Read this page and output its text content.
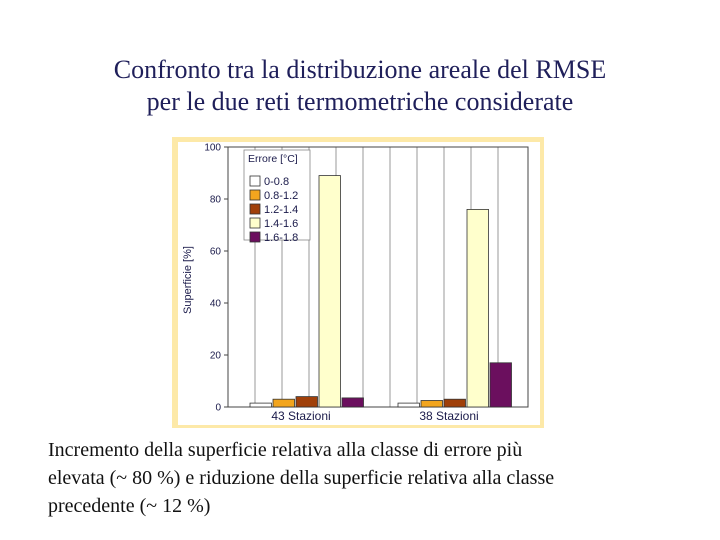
Confronto tra la distribuzione areale del RMSE
per le due reti termometriche considerate
0
20
40
60
80
100
43 Stazioni	38 Stazioni
Errore [°C]
0-0.8
0.8-1.2
1.2-1.4
1.4-1.6
1.6-1.8
Superficie [%]
Incremento della superficie relativa alla classe di errore più
elevata (~ 80 %) e riduzione della superficie relativa alla classe
precedente (~ 12 %)
